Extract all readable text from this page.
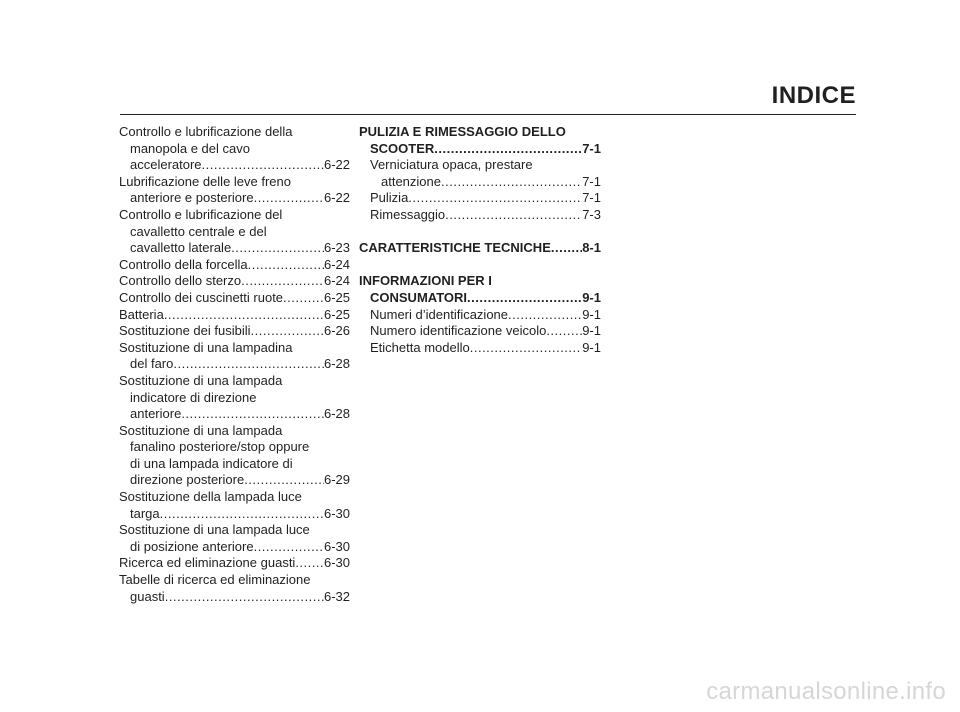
INDICE
Controllo e lubrificazione della
manopola e del cavo
acceleratore .....	6-22
Lubrificazione delle leve freno
anteriore e posteriore .....	6-22
Controllo e lubrificazione del
cavalletto centrale e del
cavalletto laterale .....	6-23
Controllo della forcella .....	6-24
Controllo dello sterzo .....	6-24
Controllo dei cuscinetti ruote .....	6-25
Batteria .....	6-25
Sostituzione dei fusibili .....	6-26
Sostituzione di una lampadina
del faro .....	6-28
Sostituzione di una lampada
indicatore di direzione
anteriore .....	6-28
Sostituzione di una lampada
fanalino posteriore/stop oppure
di una lampada indicatore di
direzione posteriore .....	6-29
Sostituzione della lampada luce
targa .....	6-30
Sostituzione di una lampada luce
di posizione anteriore .....	6-30
Ricerca ed eliminazione guasti ..... 6-30
Tabelle di ricerca ed eliminazione
guasti .....	6-32
PULIZIA E RIMESSAGGIO DELLO
SCOOTER .....	7-1
Verniciatura opaca, prestare
attenzione .....	7-1
Pulizia .....	7-1
Rimessaggio .....	7-3
CARATTERISTICHE TECNICHE ..... 8-1
INFORMAZIONI PER I
CONSUMATORI .....	9-1
Numeri d’identificazione .....	9-1
Numero identificazione veicolo .....	9-1
Etichetta modello .....	9-1
carmanualsonline.info
